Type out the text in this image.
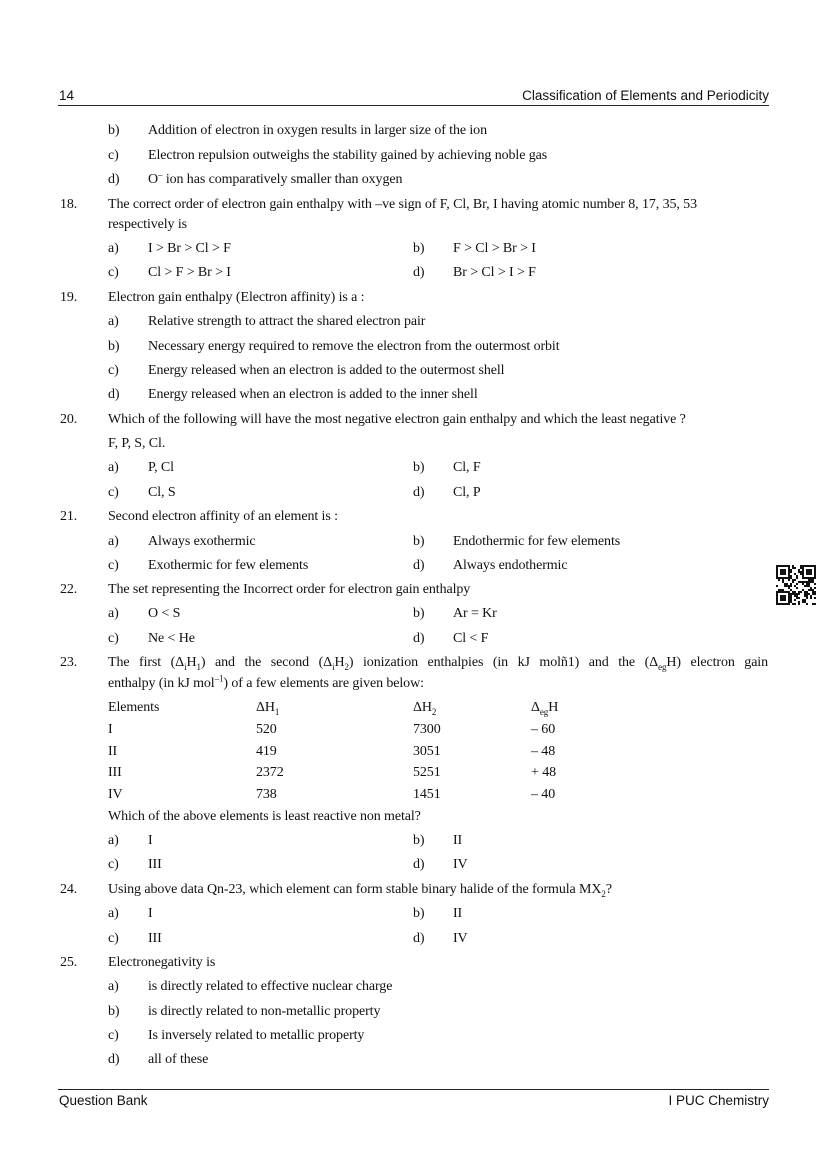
14	Classification of Elements and Periodicity
b) Addition of electron in oxygen results in larger size of the ion
c) Electron repulsion outweighs the stability gained by achieving noble gas
d) O– ion has comparatively smaller than oxygen
18. The correct order of electron gain enthalpy with –ve sign of F, Cl, Br, I having atomic number 8, 17, 35, 53
respectively is
a) I > Br > Cl > F	b) F > Cl > Br > I
c) Cl > F > Br > I	d) Br > Cl > I > F
19. Electron gain enthalpy (Electron affinity) is a :
a) Relative strength to attract the shared electron pair
b) Necessary energy required to remove the electron from the outermost orbit
c) Energy released when an electron is added to the outermost shell
d) Energy released when an electron is added to the inner shell
20. Which of the following will have the most negative electron gain enthalpy and which the least negative ?
F, P, S, Cl.
a) P, Cl	b) Cl, F
c) Cl, S	d) Cl, P
21. Second electron affinity of an element is :
a) Always exothermic	b) Endothermic for few elements
c) Exothermic for few elements	d) Always endothermic
22. The set representing the Incorrect order for electron gain enthalpy
a) O < S	b) Ar = Kr
c) Ne < He	d) Cl < F
23. The first $(\Delta_iH_1)$ and the second $(\Delta_iH_2)$ ionization enthalpies (in kJ molñ1) and the $(\Delta_{eg}H)$ electron gain
enthalpy (in kJ mol$^{-1}$) of a few elements are given below:
Which of the above elements is least reactive non metal?
a) I	b) II
c) III	d) IV
Elements	$\Delta H_1$	$\Delta H_2$	$\Delta_{eg}H$
I	520	7300	– 60
II	419	3051	– 48
III	2372	5251	+ 48
IV	738	1451	– 40
24. Using above data Qn-23, which element can form stable binary halide of the formula $MX_2$?
a) I	b) II
c) III	d) IV
25. Electronegativity is
a) is directly related to effective nuclear charge
b) is directly related to non-metallic property
c) Is inversely related to metallic property
d) all of these
Question Bank	I PUC Chemistry
